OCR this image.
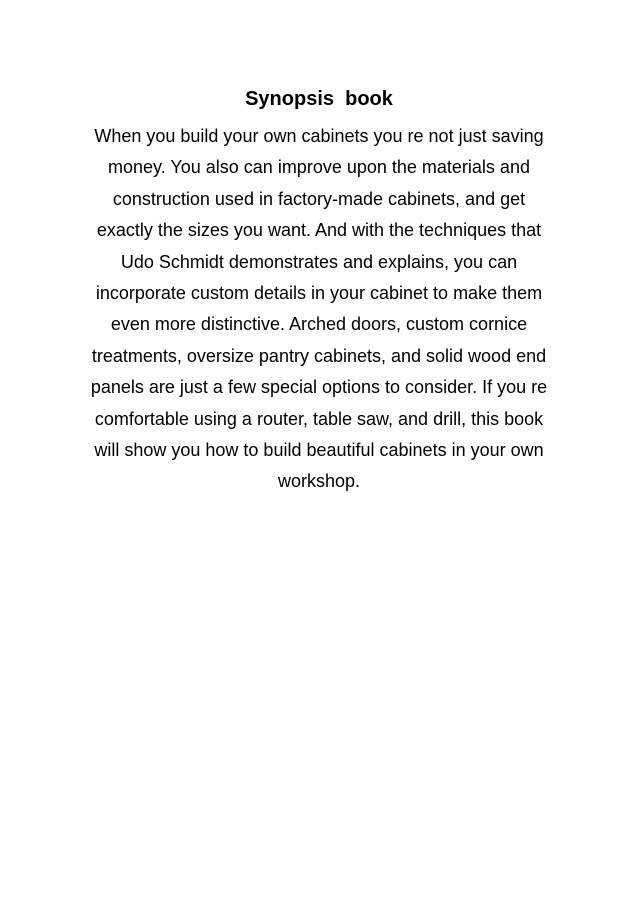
Synopsis  book
When you build your own cabinets you re not just saving
money. You also can improve upon the materials and
construction used in factory-made cabinets, and get
exactly the sizes you want. And with the techniques that
Udo Schmidt demonstrates and explains, you can
incorporate custom details in your cabinet to make them
even more distinctive. Arched doors, custom cornice
treatments, oversize pantry cabinets, and solid wood end
panels are just a few special options to consider. If you re
comfortable using a router, table saw, and drill, this book
will show you how to build beautiful cabinets in your own
workshop.
